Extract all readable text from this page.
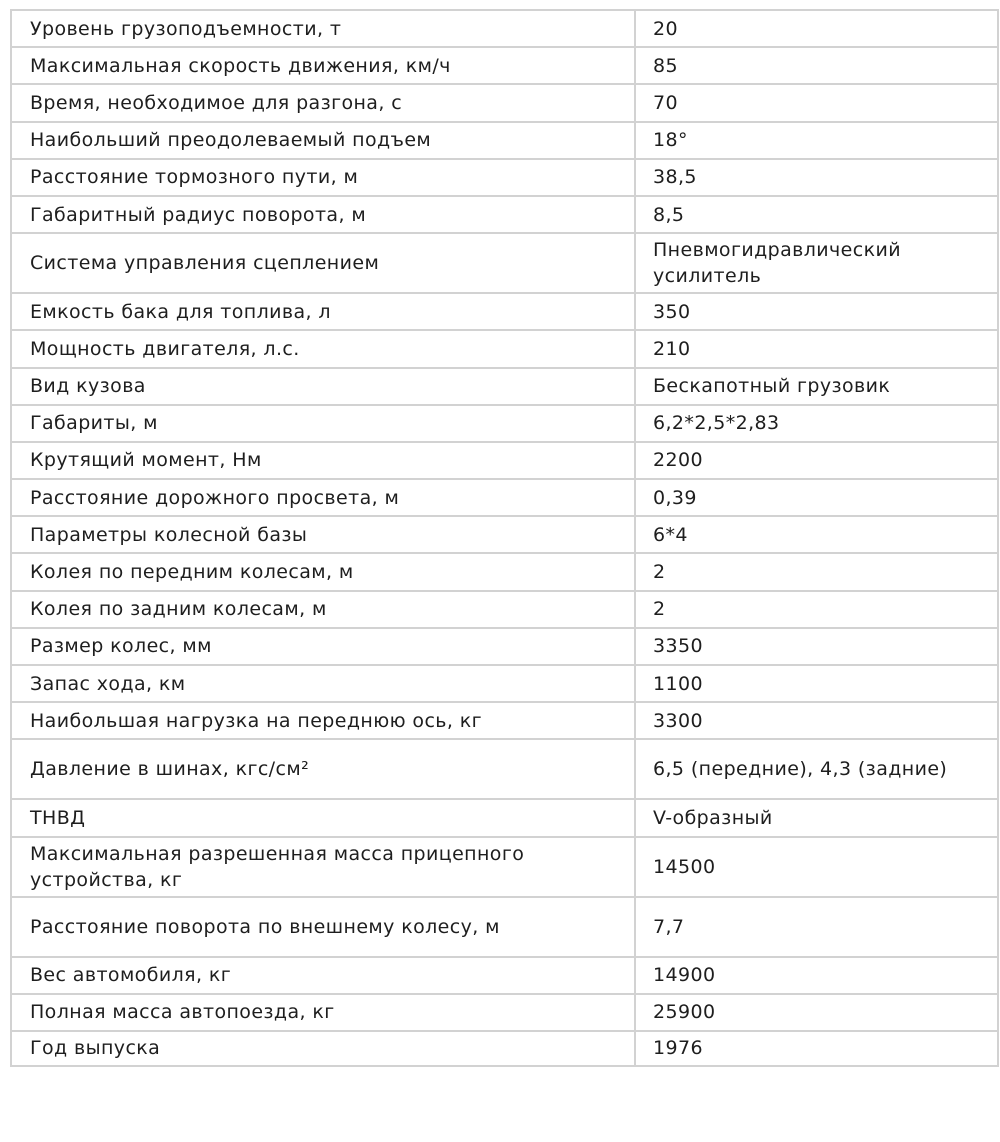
Уровень грузоподъемности, т	20
Максимальная скорость движения, км/ч	85
Время, необходимое для разгона, с	70
Наибольший преодолеваемый подъем	18°
Расстояние тормозного пути, м	38,5
Габаритный радиус поворота, м	8,5
Система управления сцеплением	Пневмогидравлический усилитель
Емкость бака для топлива, л	350
Мощность двигателя, л.с.	210
Вид кузова	Бескапотный грузовик
Габариты, м	6,2*2,5*2,83
Крутящий момент, Нм	2200
Расстояние дорожного просвета, м	0,39
Параметры колесной базы	6*4
Колея по передним колесам, м	2
Колея по задним колесам, м	2
Размер колес, мм	3350
Запас хода, км	1100
Наибольшая нагрузка на переднюю ось, кг	3300
Давление в шинах, кгс/см²	6,5 (передние), 4,3 (задние)
ТНВД	V-образный
Максимальная разрешенная масса прицепного устройства, кг	14500
Расстояние поворота по внешнему колесу, м	7,7
Вес автомобиля, кг	14900
Полная масса автопоезда, кг	25900
Год выпуска	1976
